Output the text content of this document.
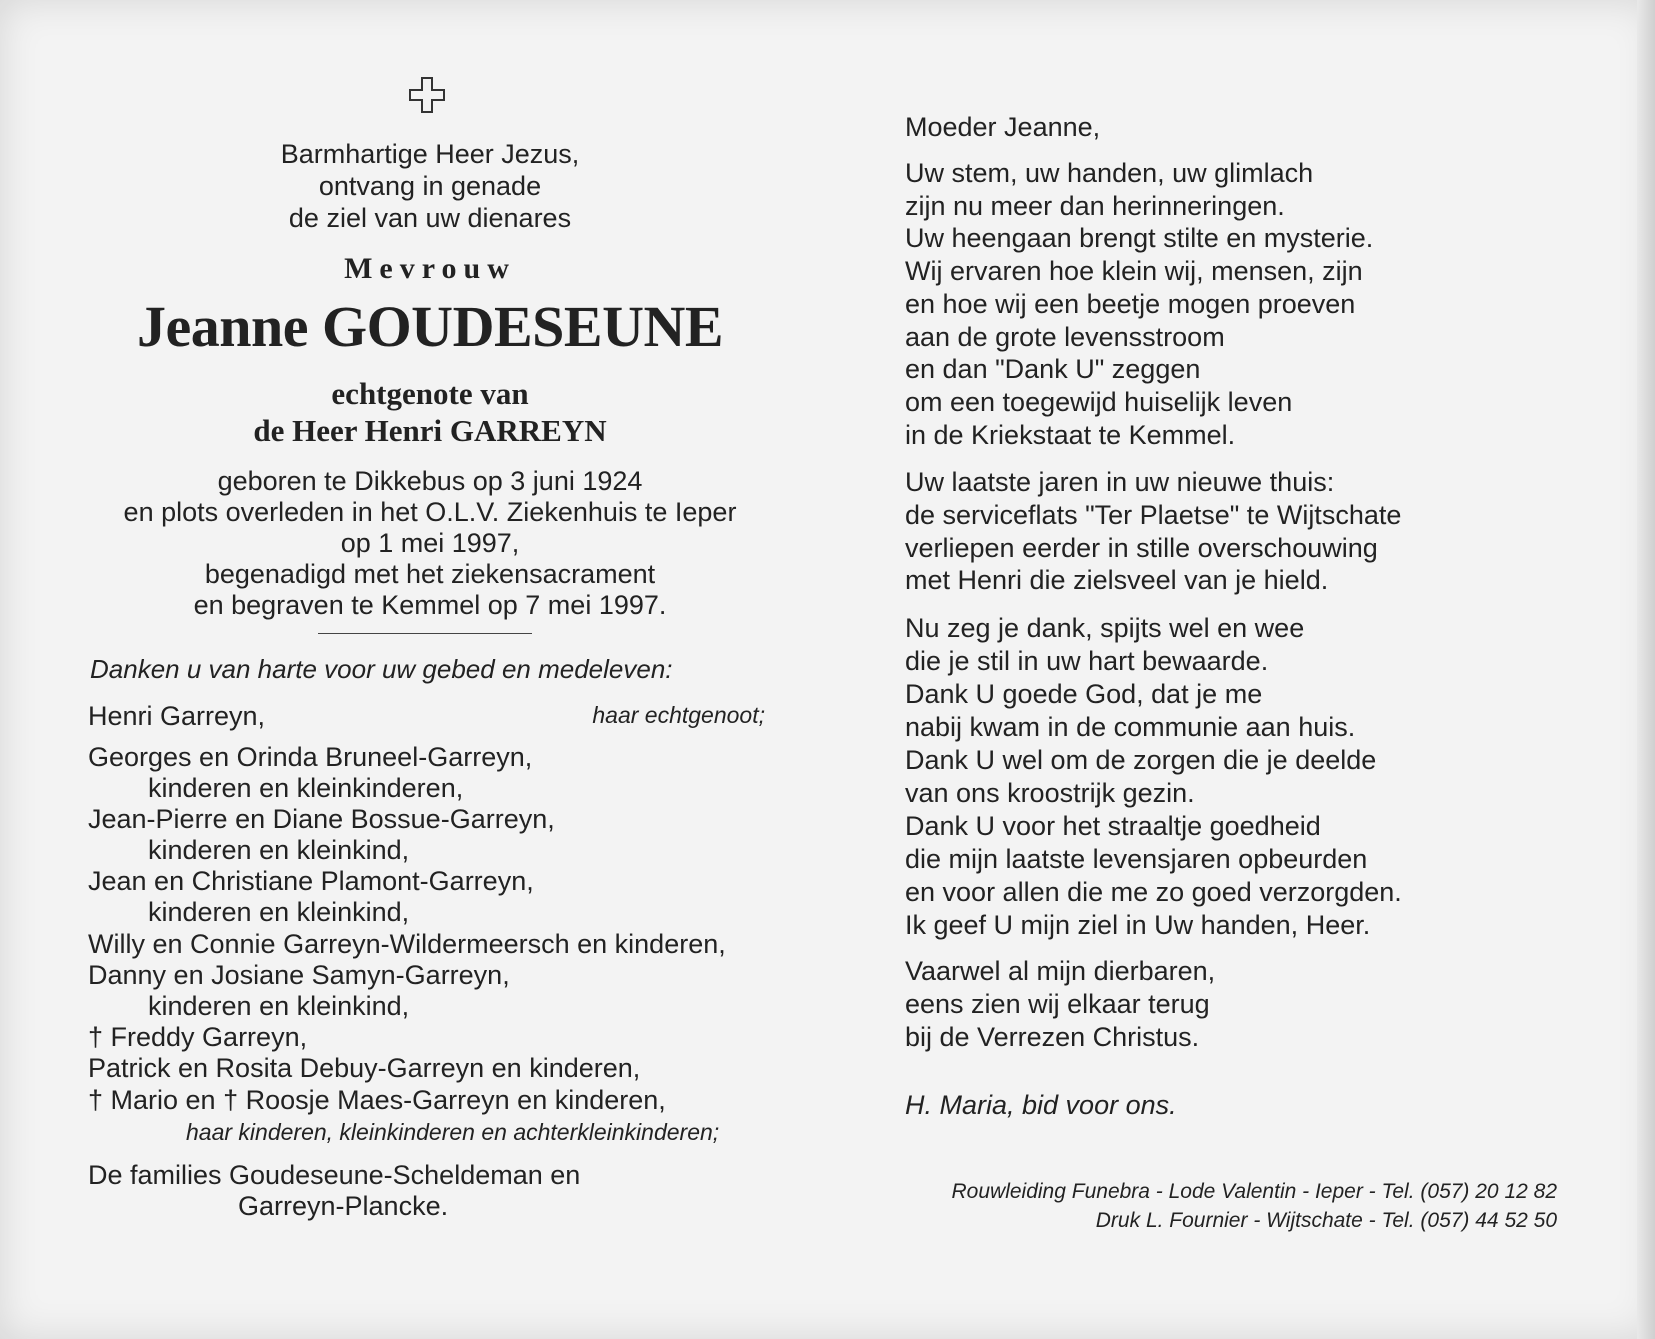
Barmhartige Heer Jezus,
ontvang in genade
de ziel van uw dienares
Mevrouw
Jeanne GOUDESEUNE
echtgenote van
de Heer Henri GARREYN
geboren te Dikkebus op 3 juni 1924
en plots overleden in het O.L.V. Ziekenhuis te Ieper
op 1 mei 1997,
begenadigd met het ziekensacrament
en begraven te Kemmel op 7 mei 1997.
Danken u van harte voor uw gebed en medeleven:
Henri Garreyn,	haar echtgenoot;
Georges en Orinda Bruneel-Garreyn,
kinderen en kleinkinderen,
Jean-Pierre en Diane Bossue-Garreyn,
kinderen en kleinkind,
Jean en Christiane Plamont-Garreyn,
kinderen en kleinkind,
Willy en Connie Garreyn-Wildermeersch en kinderen,
Danny en Josiane Samyn-Garreyn,
kinderen en kleinkind,
† Freddy Garreyn,
Patrick en Rosita Debuy-Garreyn en kinderen,
† Mario en † Roosje Maes-Garreyn en kinderen,
haar kinderen, kleinkinderen en achterkleinkinderen;
De families Goudeseune-Scheldeman en
Garreyn-Plancke.
Moeder Jeanne,
Uw stem, uw handen, uw glimlach
zijn nu meer dan herinneringen.
Uw heengaan brengt stilte en mysterie.
Wij ervaren hoe klein wij, mensen, zijn
en hoe wij een beetje mogen proeven
aan de grote levensstroom
en dan "Dank U" zeggen
om een toegewijd huiselijk leven
in de Kriekstaat te Kemmel.
Uw laatste jaren in uw nieuwe thuis:
de serviceflats "Ter Plaetse" te Wijtschate
verliepen eerder in stille overschouwing
met Henri die zielsveel van je hield.
Nu zeg je dank, spijts wel en wee
die je stil in uw hart bewaarde.
Dank U goede God, dat je me
nabij kwam in de communie aan huis.
Dank U wel om de zorgen die je deelde
van ons kroostrijk gezin.
Dank U voor het straaltje goedheid
die mijn laatste levensjaren opbeurden
en voor allen die me zo goed verzorgden.
Ik geef U mijn ziel in Uw handen, Heer.
Vaarwel al mijn dierbaren,
eens zien wij elkaar terug
bij de Verrezen Christus.
H. Maria, bid voor ons.
Rouwleiding Funebra - Lode Valentin - Ieper - Tel. (057) 20 12 82
Druk L. Fournier - Wijtschate - Tel. (057) 44 52 50
